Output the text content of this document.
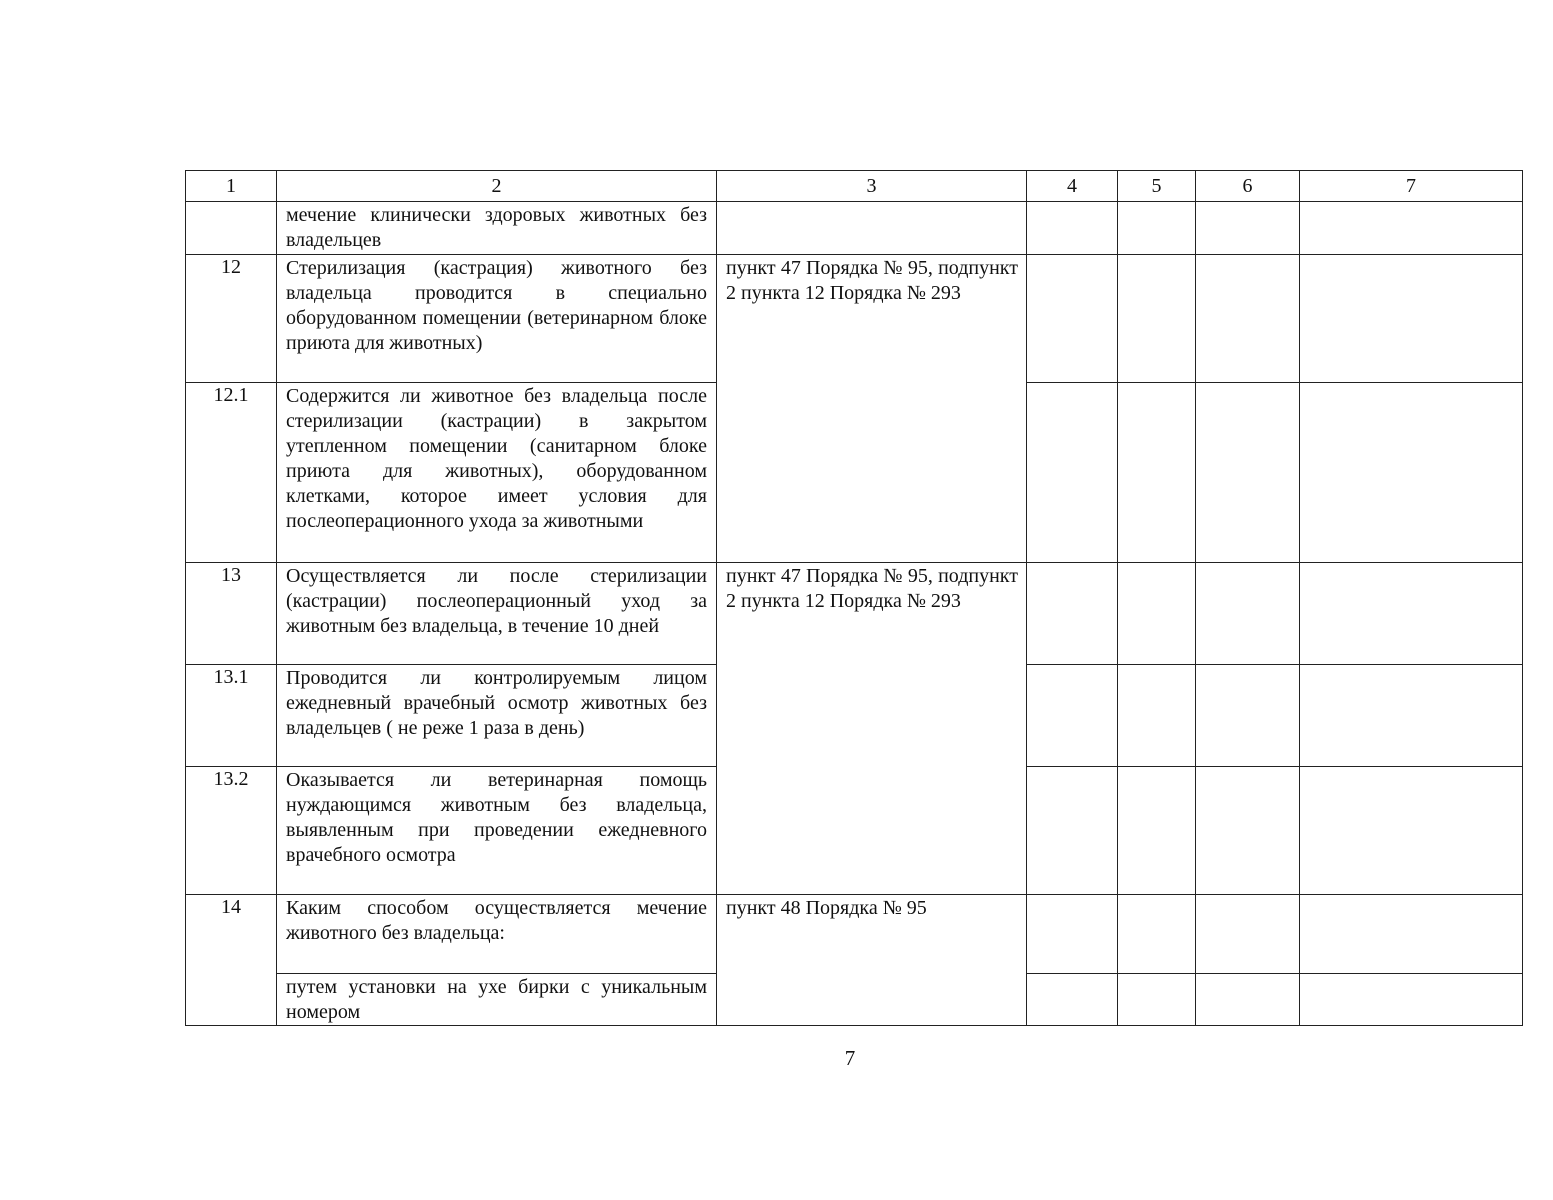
1	2	3	4	5	6	7
	мечение клинически здоровых животных без владельцев					
12	Стерилизация (кастрация) животного без владельца проводится в специально оборудованном помещении (ветеринарном блоке приюта для животных)	пункт 47 Порядка № 95, подпункт 2 пункта 12 Порядка № 293				
12.1	Содержится ли животное без владельца после стерилизации (кастрации) в закрытом утепленном помещении (санитарном блоке приюта для животных), оборудованном клетками, которое имеет условия для послеоперационного ухода за животными					
13	Осуществляется ли после стерилизации (кастрации) послеоперационный уход за животным без владельца, в течение 10 дней	пункт 47 Порядка № 95, подпункт 2 пункта 12 Порядка № 293				
13.1	Проводится ли контролируемым лицом ежедневный врачебный осмотр животных без владельцев ( не реже 1 раза в день)					
13.2	Оказывается ли ветеринарная помощь нуждающимся животным без владельца, выявленным при проведении ежедневного врачебного осмотра					
14	Каким способом осуществляется мечение животного без владельца:	пункт 48 Порядка № 95				
	путем установки на ухе бирки с уникальным номером					
7
